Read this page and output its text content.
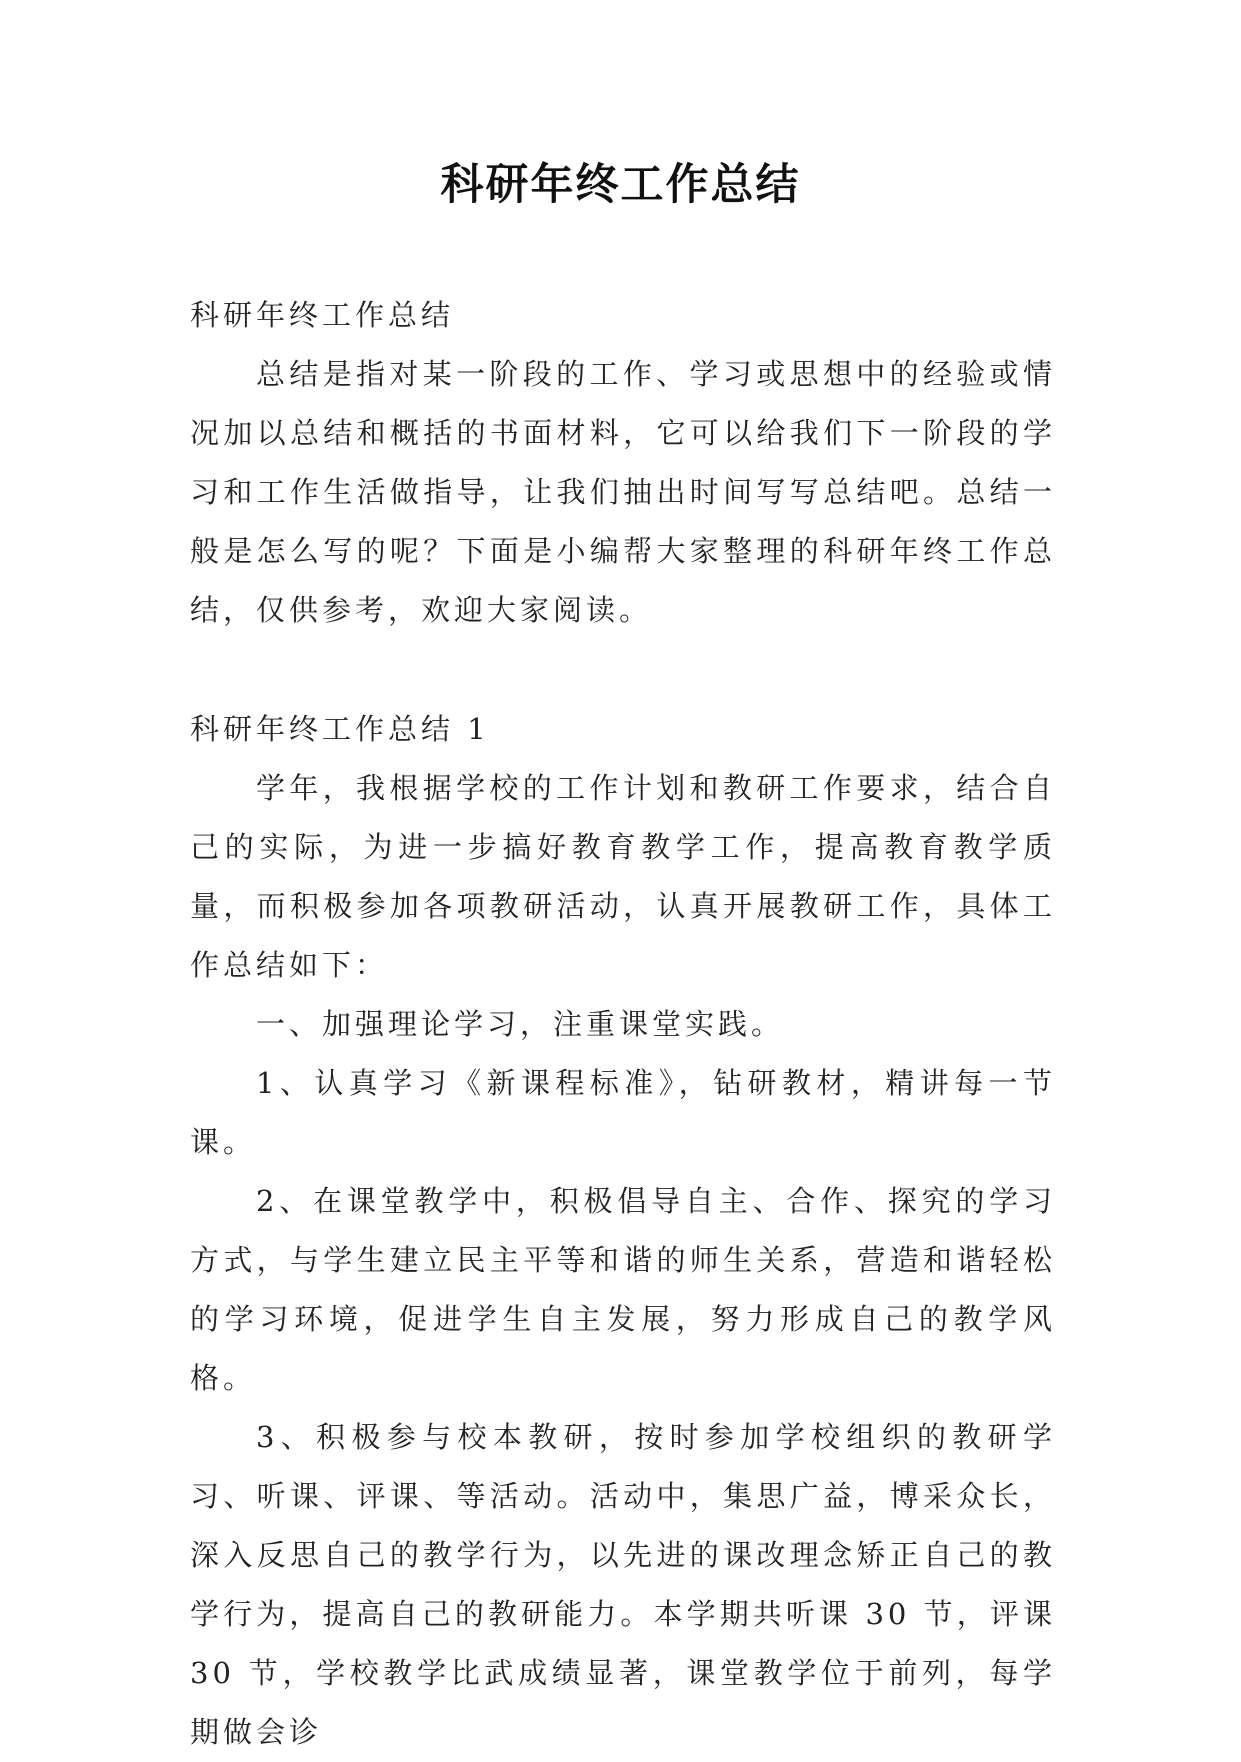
科研年终工作总结

科研年终工作总结

总结是指对某一阶段的工作、学习或思想中的经验或情况加以总结和概括的书面材料，它可以给我们下一阶段的学习和工作生活做指导，让我们抽出时间写写总结吧。总结一般是怎么写的呢？下面是小编帮大家整理的科研年终工作总结，仅供参考，欢迎大家阅读。

科研年终工作总结 1

学年，我根据学校的工作计划和教研工作要求，结合自己的实际，为进一步搞好教育教学工作，提高教育教学质量，而积极参加各项教研活动，认真开展教研工作，具体工作总结如下：

一、加强理论学习，注重课堂实践。

1、认真学习《新课程标准》，钻研教材，精讲每一节课。

2、在课堂教学中，积极倡导自主、合作、探究的学习方式，与学生建立民主平等和谐的师生关系，营造和谐轻松的学习环境，促进学生自主发展，努力形成自己的教学风格。

3、积极参与校本教研，按时参加学校组织的教研学习、听课、评课、等活动。活动中，集思广益，博采众长，深入反思自己的教学行为，以先进的课改理念矫正自己的教学行为，提高自己的教研能力。本学期共听课 30 节，评课 30 节，学校教学比武成绩显著，课堂教学位于前列，每学期做会诊
